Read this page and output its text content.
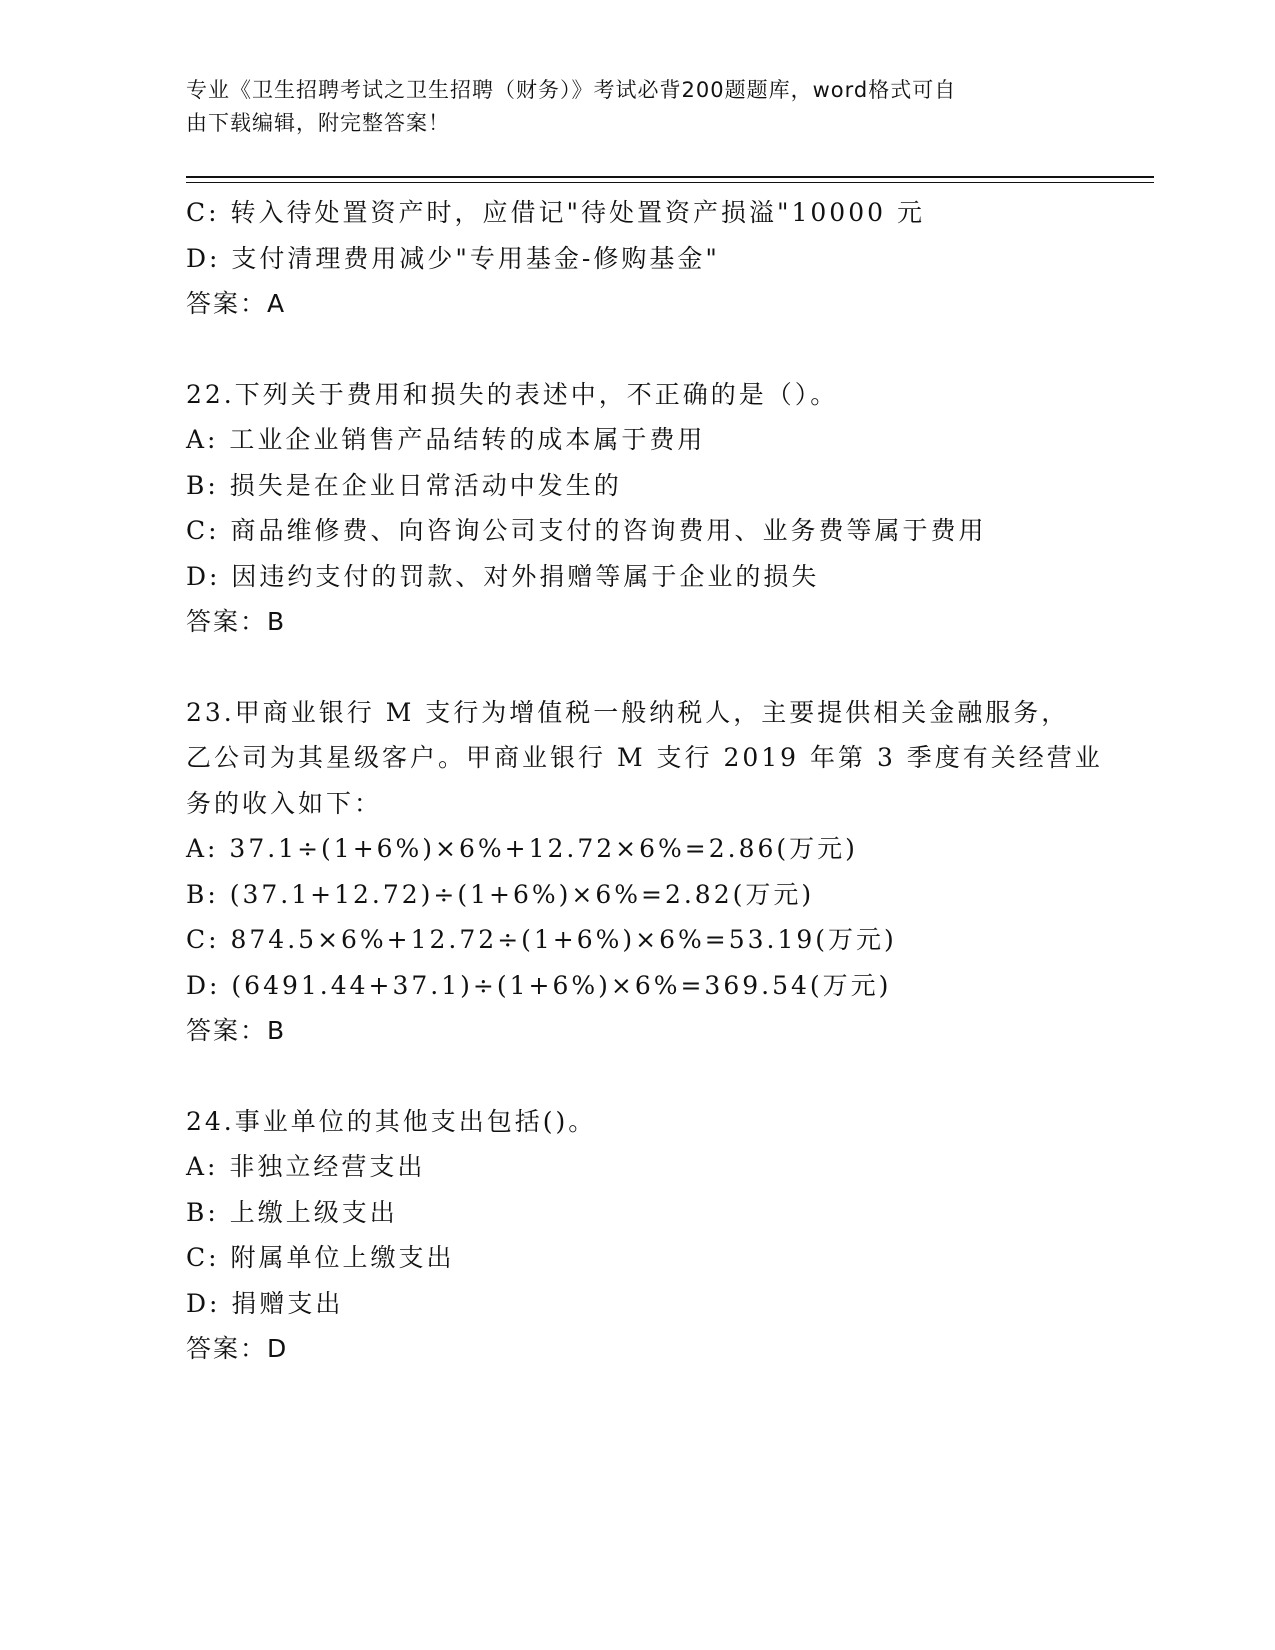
专业《卫生招聘考试之卫生招聘（财务）》考试必背200题题库，word格式可自
由下载编辑，附完整答案！
C: 转入待处置资产时，应借记"待处置资产损溢"10000 元
D: 支付清理费用减少"专用基金-修购基金"
答案：A
22.下列关于费用和损失的表述中，不正确的是（）。
A: 工业企业销售产品结转的成本属于费用
B: 损失是在企业日常活动中发生的
C: 商品维修费、向咨询公司支付的咨询费用、业务费等属于费用
D: 因违约支付的罚款、对外捐赠等属于企业的损失
答案：B
23.甲商业银行 M 支行为增值税一般纳税人，主要提供相关金融服务，
乙公司为其星级客户。甲商业银行 M 支行 2019 年第 3 季度有关经营业
务的收入如下：
A: 37.1÷(1+6%)×6%+12.72×6%=2.86(万元)
B: (37.1+12.72)÷(1+6%)×6%=2.82(万元)
C: 874.5×6%+12.72÷(1+6%)×6%=53.19(万元)
D: (6491.44+37.1)÷(1+6%)×6%=369.54(万元)
答案：B
24.事业单位的其他支出包括()。
A: 非独立经营支出
B: 上缴上级支出
C: 附属单位上缴支出
D: 捐赠支出
答案：D
